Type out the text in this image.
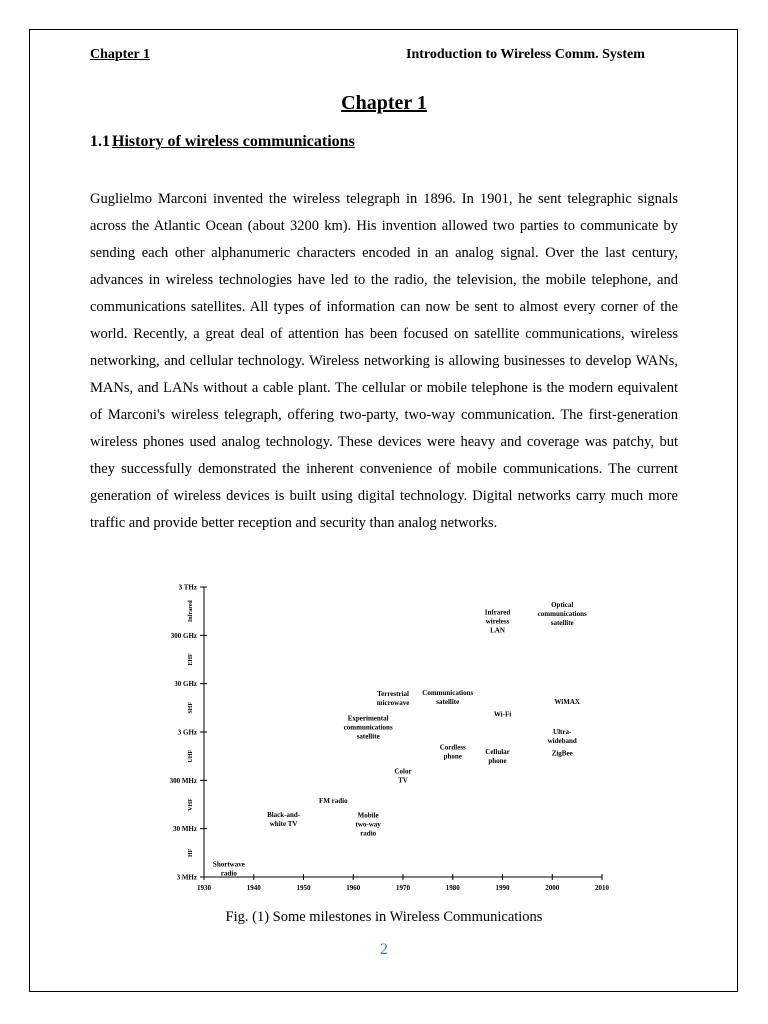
Chapter 1	Introduction to Wireless Comm. System
Chapter 1
1.1 History of wireless communications

Guglielmo Marconi invented the wireless telegraph in 1896. In 1901, he sent telegraphic signals across the Atlantic Ocean (about 3200 km). His invention allowed two parties to communicate by sending each other alphanumeric characters encoded in an analog signal. Over the last century, advances in wireless technologies have led to the radio, the television, the mobile telephone, and communications satellites. All types of information can now be sent to almost every corner of the world. Recently, a great deal of attention has been focused on satellite communications, wireless networking, and cellular technology. Wireless networking is allowing businesses to develop WANs, MANs, and LANs without a cable plant. The cellular or mobile telephone is the modern equivalent of Marconi's wireless telegraph, offering two-party, two-way communication. The first-generation wireless phones used analog technology. These devices were heavy and coverage was patchy, but they successfully demonstrated the inherent convenience of mobile communications. The current generation of wireless devices is built using digital technology. Digital networks carry much more traffic and provide better reception and security than analog networks.

3 THz
300 GHz
30 GHz
3 GHz
300 MHz
30 MHz
3 MHz
Infrared
EHF
SHF
UHF
VHF
HF
1930	1940	1950	1960	1970	1980	1990	2000	2010
Shortwave
radio
Black-and-
white TV
FM radio
Mobile
two-way
radio
Experimental
communications
satellite
Terrestrial
microwave
Color
TV
Communications
satellite
Cordless
phone
Infrared
wireless
LAN
Wi-Fi
Cellular
phone
Optical
communications
satellite
WiMAX
Ultra-
wideband
ZigBee
Fig. (1) Some milestones in Wireless Communications
2
